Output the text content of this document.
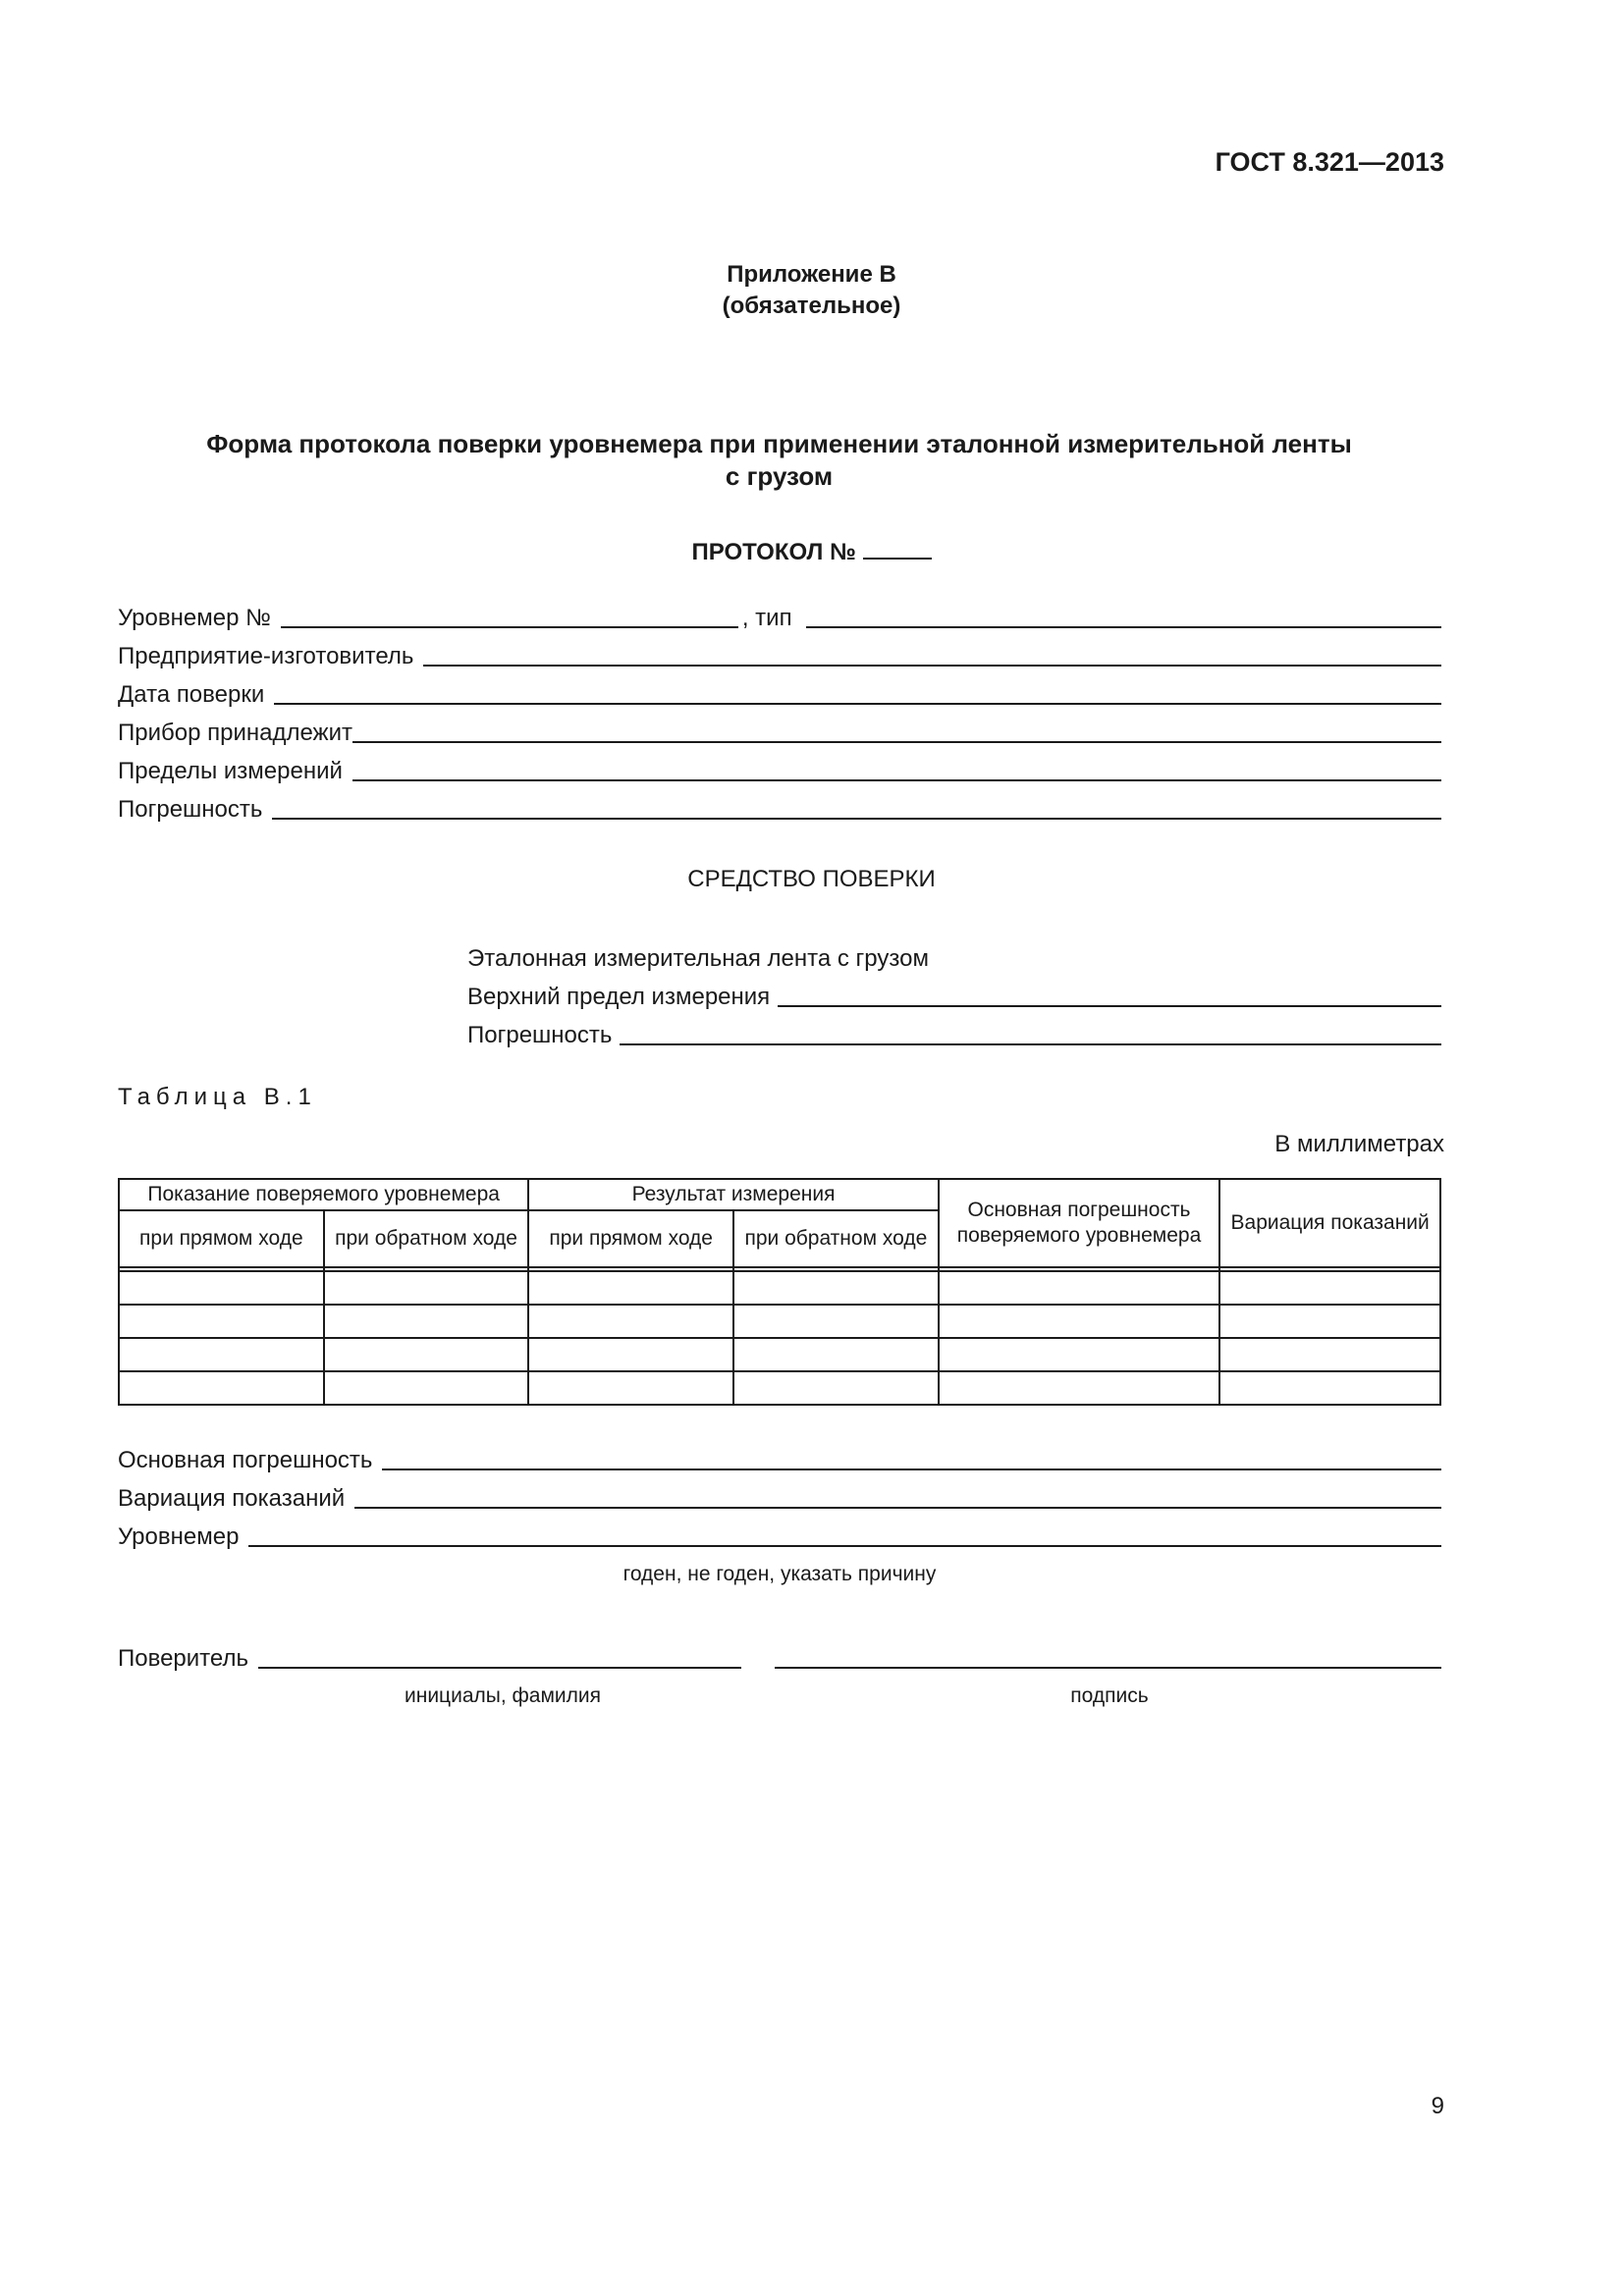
ГОСТ 8.321—2013
Приложение В
(обязательное)
Форма протокола поверки уровнемера при применении эталонной измерительной ленты
с грузом
ПРОТОКОЛ №
Уровнемер №	, тип
Предприятие-изготовитель
Дата поверки
Прибор принадлежит
Пределы измерений
Погрешность
СРЕДСТВО ПОВЕРКИ
Эталонная измерительная лента с грузом
Верхний предел измерения
Погрешность
Таблица В.1
В миллиметрах
Показание поверяемого уровнемера		Результат измерения		Основная погрешность поверяемого уровнемера	Вариация показаний
при прямом ходе	при обратном ходе	при прямом ходе	при обратном ходе		

Основная погрешность
Вариация показаний
Уровнемер
годен, не годен, указать причину
Поверитель
инициалы, фамилия	подпись
9
